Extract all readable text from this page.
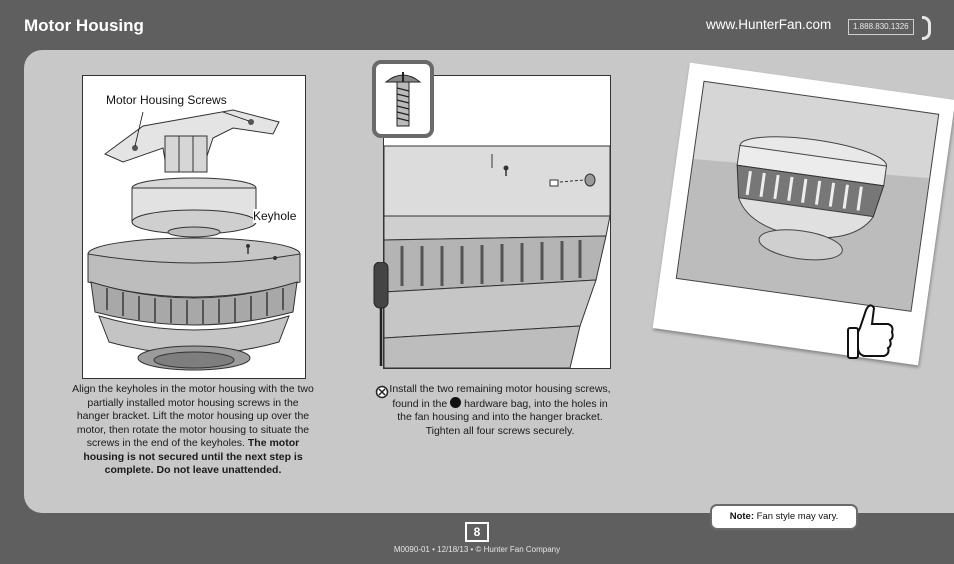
Motor Housing	www.HunterFan.com	1.888.830.1326
Motor Housing Screws
Keyhole
Align the keyholes in the motor housing with the two partially installed motor housing screws in the hanger bracket. Lift the motor housing up over the motor, then rotate the motor housing to situate the screws in the end of the keyholes. The motor housing is not secured until the next step is complete. Do not leave unattended.
Install the two remaining motor housing screws, found in the hardware bag, into the holes in the fan housing and into the hanger bracket. Tighten all four screws securely.
Note: Fan style may vary.
8
M0090-01 • 12/18/13 • © Hunter Fan Company
